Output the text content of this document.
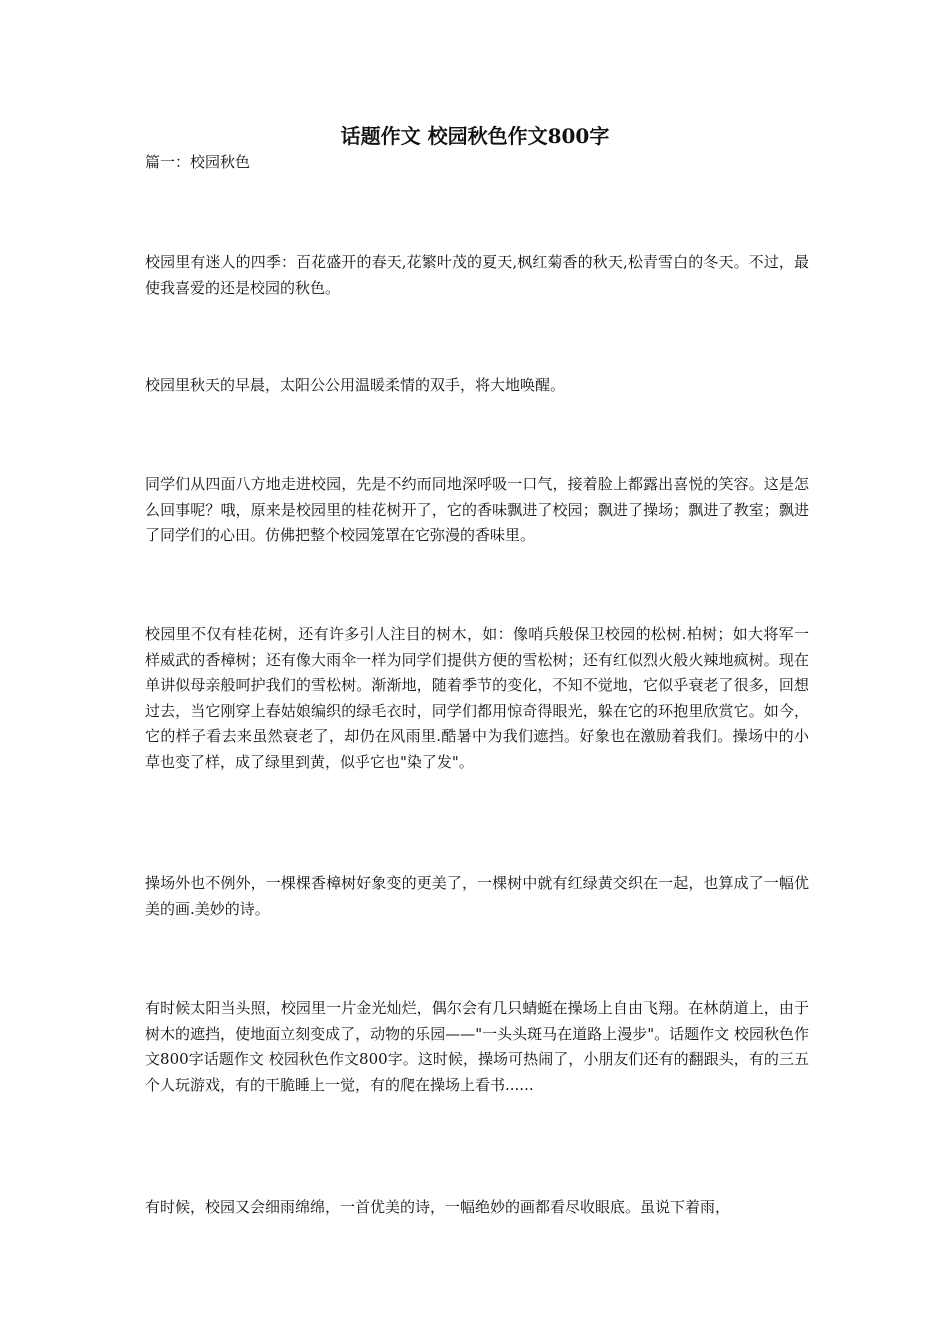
话题作文 校园秋色作文800字

篇一：校园秋色

校园里有迷人的四季：百花盛开的春天,花繁叶茂的夏天,枫红菊香的秋天,松青雪白的冬天。不过，最使我喜爱的还是校园的秋色。

校园里秋天的早晨，太阳公公用温暖柔情的双手，将大地唤醒。

同学们从四面八方地走进校园，先是不约而同地深呼吸一口气，接着脸上都露出喜悦的笑容。这是怎么回事呢？哦，原来是校园里的桂花树开了，它的香味飘进了校园；飘进了操场；飘进了教室；飘进了同学们的心田。仿佛把整个校园笼罩在它弥漫的香味里。

校园里不仅有桂花树，还有许多引人注目的树木，如：像哨兵般保卫校园的松树.柏树；如大将军一样威武的香樟树；还有像大雨伞一样为同学们提供方便的雪松树；还有红似烈火般火辣地疯树。现在单讲似母亲般呵护我们的雪松树。渐渐地，随着季节的变化，不知不觉地，它似乎衰老了很多，回想过去，当它刚穿上春姑娘编织的绿毛衣时，同学们都用惊奇得眼光，躲在它的环抱里欣赏它。如今，它的样子看去来虽然衰老了，却仍在风雨里.酷暑中为我们遮挡。好象也在激励着我们。操场中的小草也变了样，成了绿里到黄，似乎它也"染了发"。

操场外也不例外，一棵棵香樟树好象变的更美了，一棵树中就有红绿黄交织在一起，也算成了一幅优美的画.美妙的诗。

有时候太阳当头照，校园里一片金光灿烂，偶尔会有几只蜻蜓在操场上自由飞翔。在林荫道上，由于树木的遮挡，使地面立刻变成了，动物的乐园——"一头头斑马在道路上漫步"。话题作文 校园秋色作文800字话题作文 校园秋色作文800字。这时候，操场可热闹了，小朋友们还有的翻跟头，有的三五个人玩游戏，有的干脆睡上一觉，有的爬在操场上看书......

有时候，校园又会细雨绵绵，一首优美的诗，一幅绝妙的画都看尽收眼底。虽说下着雨，
